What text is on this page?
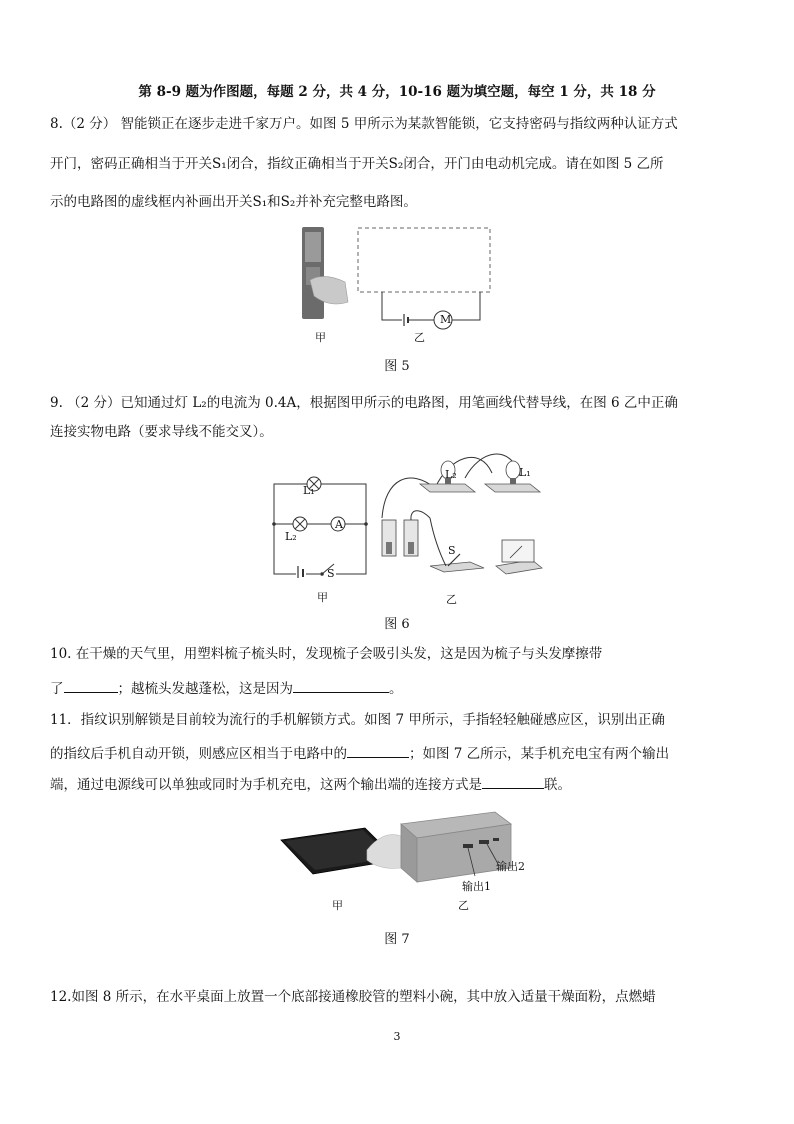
第 8-9 题为作图题，每题 2 分，共 4 分，10-16 题为填空题，每空 1 分，共 18 分
8.（2 分） 智能锁正在逐步走进千家万户。如图 5 甲所示为某款智能锁，它支持密码与指纹两种认证方式
开门，密码正确相当于开关S₁闭合，指纹正确相当于开关S₂闭合，开门由电动机完成。请在如图 5 乙所
示的电路图的虚线框内补画出开关S₁和S₂并补充完整电路图。
M
甲	乙
图 5
9. （2 分）已知通过灯 L₂的电流为 0.4A，根据图甲所示的电路图，用笔画线代替导线，在图 6 乙中正确
连接实物电路（要求导线不能交叉）。
L₁
L₂
A
S
L₂	L₁
S
甲	乙
图 6
10. 在干燥的天气里，用塑料梳子梳头时，发现梳子会吸引头发，这是因为梳子与头发摩擦带
了	；越梳头发越蓬松，这是因为	。
11．指纹识别解锁是目前较为流行的手机解锁方式。如图 7 甲所示，手指轻轻触碰感应区，识别出正确
的指纹后手机自动开锁，则感应区相当于电路中的	；如图 7 乙所示，某手机充电宝有两个输出
端，通过电源线可以单独或同时为手机充电，这两个输出端的连接方式是	联。
输出2
输出1
甲	乙
图 7
12.如图 8 所示，在水平桌面上放置一个底部接通橡胶管的塑料小碗，其中放入适量干燥面粉，点燃蜡
3
